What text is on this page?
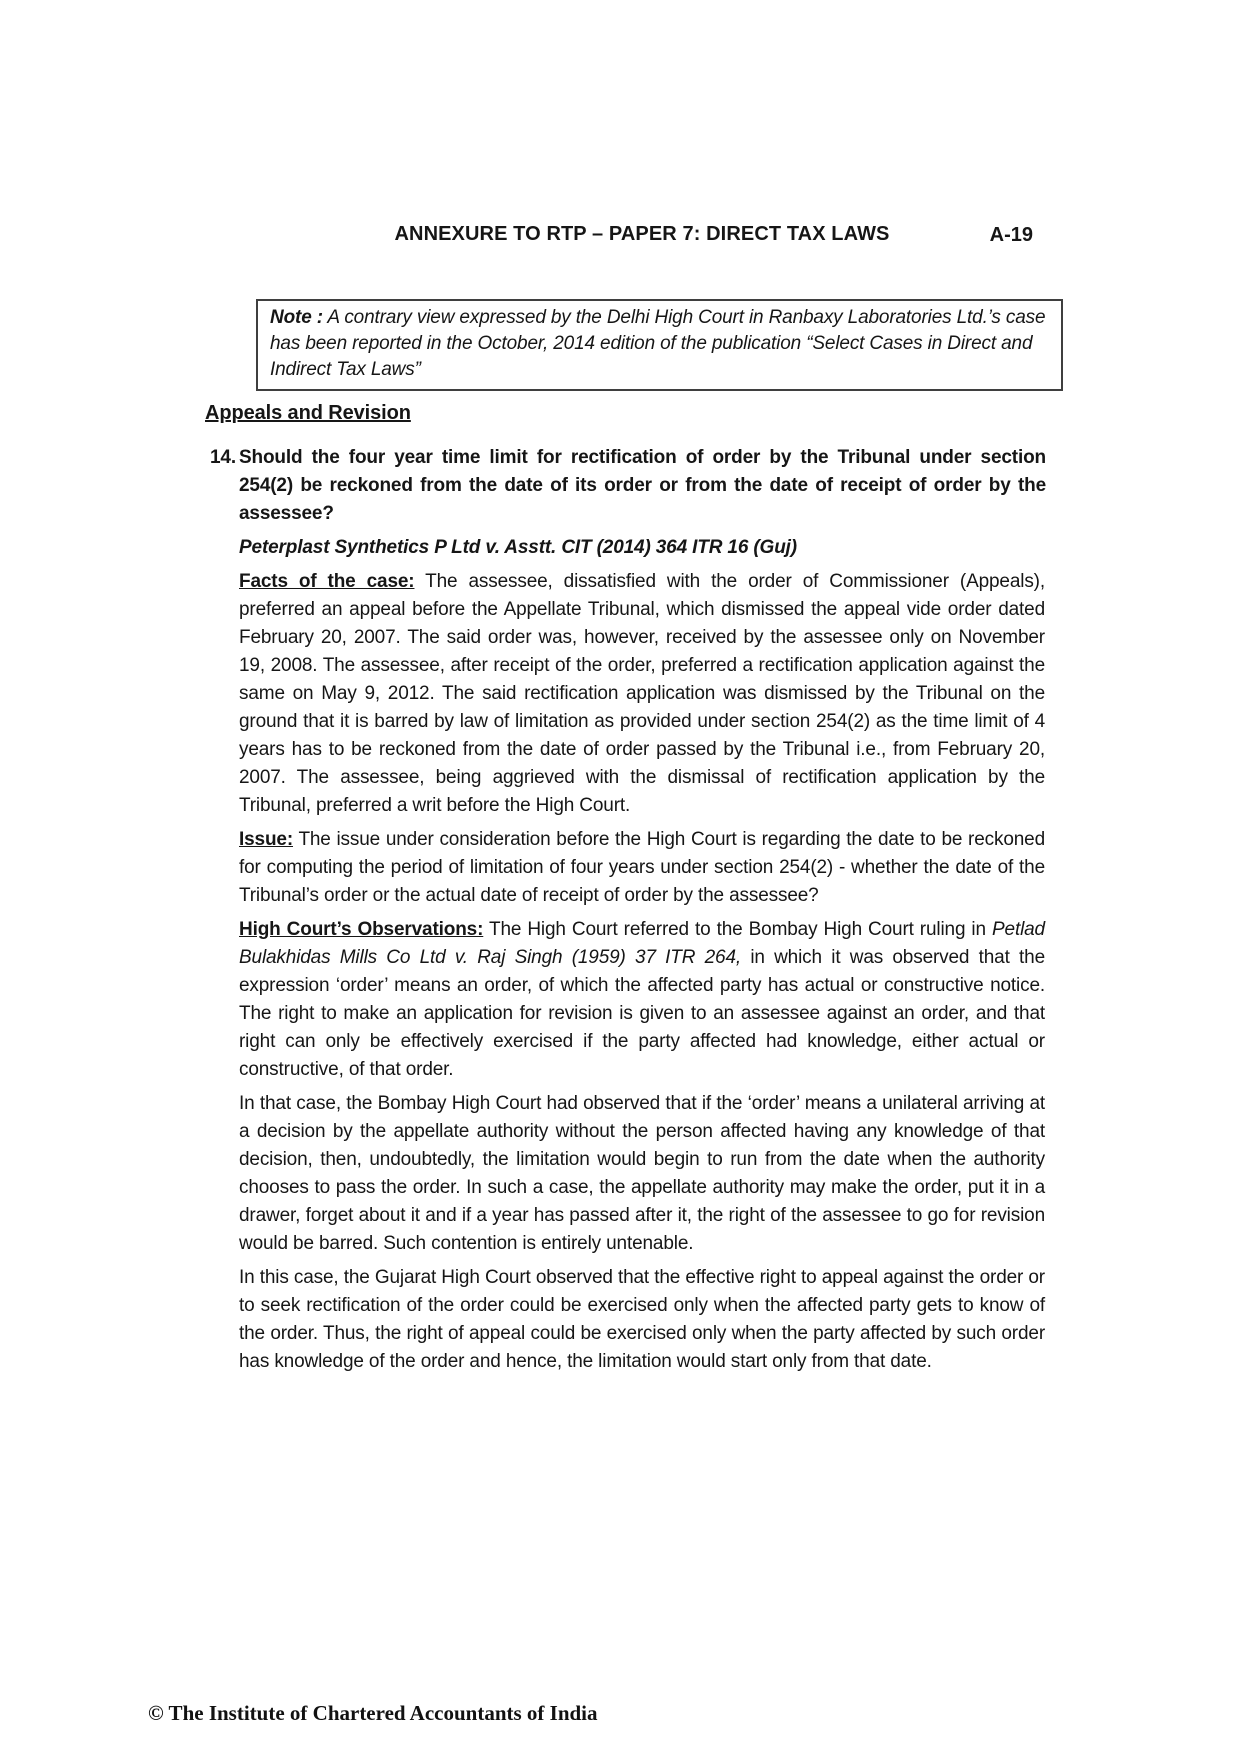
ANNEXURE TO RTP – PAPER 7: DIRECT TAX LAWS	A-19
Note : A contrary view expressed by the Delhi High Court in Ranbaxy Laboratories Ltd.’s case has been reported in the October, 2014 edition of the publication “Select Cases in Direct and Indirect Tax Laws”
Appeals and Revision
14. Should the four year time limit for rectification of order by the Tribunal under section 254(2) be reckoned from the date of its order or from the date of receipt of order by the assessee?
Peterplast Synthetics P Ltd v. Asstt. CIT (2014) 364 ITR 16 (Guj)
Facts of the case: The assessee, dissatisfied with the order of Commissioner (Appeals), preferred an appeal before the Appellate Tribunal, which dismissed the appeal vide order dated February 20, 2007. The said order was, however, received by the assessee only on November 19, 2008. The assessee, after receipt of the order, preferred a rectification application against the same on May 9, 2012. The said rectification application was dismissed by the Tribunal on the ground that it is barred by law of limitation as provided under section 254(2) as the time limit of 4 years has to be reckoned from the date of order passed by the Tribunal i.e., from February 20, 2007. The assessee, being aggrieved with the dismissal of rectification application by the Tribunal, preferred a writ before the High Court.
Issue: The issue under consideration before the High Court is regarding the date to be reckoned for computing the period of limitation of four years under section 254(2) - whether the date of the Tribunal’s order or the actual date of receipt of order by the assessee?
High Court’s Observations: The High Court referred to the Bombay High Court ruling in Petlad Bulakhidas Mills Co Ltd v. Raj Singh (1959) 37 ITR 264, in which it was observed that the expression ‘order’ means an order, of which the affected party has actual or constructive notice. The right to make an application for revision is given to an assessee against an order, and that right can only be effectively exercised if the party affected had knowledge, either actual or constructive, of that order.
In that case, the Bombay High Court had observed that if the ‘order’ means a unilateral arriving at a decision by the appellate authority without the person affected having any knowledge of that decision, then, undoubtedly, the limitation would begin to run from the date when the authority chooses to pass the order. In such a case, the appellate authority may make the order, put it in a drawer, forget about it and if a year has passed after it, the right of the assessee to go for revision would be barred. Such contention is entirely untenable.
In this case, the Gujarat High Court observed that the effective right to appeal against the order or to seek rectification of the order could be exercised only when the affected party gets to know of the order. Thus, the right of appeal could be exercised only when the party affected by such order has knowledge of the order and hence, the limitation would start only from that date.
© The Institute of Chartered Accountants of India
